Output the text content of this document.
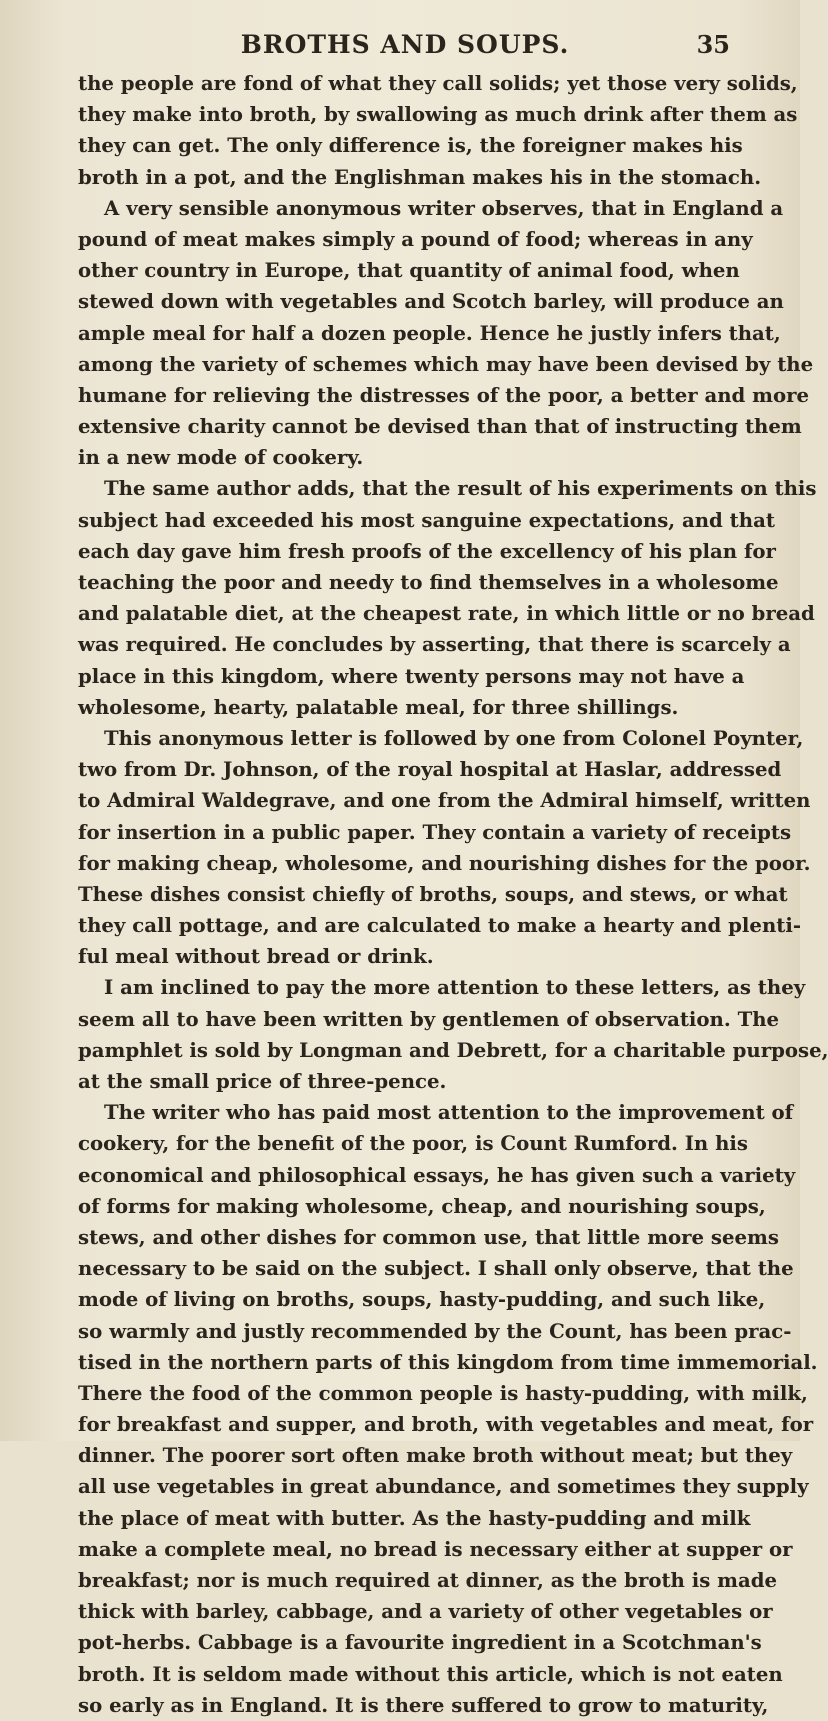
BROTHS AND SOUPS.	35
the people are fond of what they call solids; yet those very solids,
they make into broth, by swallowing as much drink after them as
they can get. The only difference is, the foreigner makes his
broth in a pot, and the Englishman makes his in the stomach.
A very sensible anonymous writer observes, that in England a
pound of meat makes simply a pound of food; whereas in any
other country in Europe, that quantity of animal food, when
stewed down with vegetables and Scotch barley, will produce an
ample meal for half a dozen people. Hence he justly infers that,
among the variety of schemes which may have been devised by the
humane for relieving the distresses of the poor, a better and more
extensive charity cannot be devised than that of instructing them
in a new mode of cookery.
The same author adds, that the result of his experiments on this
subject had exceeded his most sanguine expectations, and that
each day gave him fresh proofs of the excellency of his plan for
teaching the poor and needy to find themselves in a wholesome
and palatable diet, at the cheapest rate, in which little or no bread
was required. He concludes by asserting, that there is scarcely a
place in this kingdom, where twenty persons may not have a
wholesome, hearty, palatable meal, for three shillings.
This anonymous letter is followed by one from Colonel Poynter,
two from Dr. Johnson, of the royal hospital at Haslar, addressed
to Admiral Waldegrave, and one from the Admiral himself, written
for insertion in a public paper. They contain a variety of receipts
for making cheap, wholesome, and nourishing dishes for the poor.
These dishes consist chiefly of broths, soups, and stews, or what
they call pottage, and are calculated to make a hearty and plenti-
ful meal without bread or drink.
I am inclined to pay the more attention to these letters, as they
seem all to have been written by gentlemen of observation. The
pamphlet is sold by Longman and Debrett, for a charitable purpose,
at the small price of three-pence.
The writer who has paid most attention to the improvement of
cookery, for the benefit of the poor, is Count Rumford. In his
economical and philosophical essays, he has given such a variety
of forms for making wholesome, cheap, and nourishing soups,
stews, and other dishes for common use, that little more seems
necessary to be said on the subject. I shall only observe, that the
mode of living on broths, soups, hasty-pudding, and such like,
so warmly and justly recommended by the Count, has been prac-
tised in the northern parts of this kingdom from time immemorial.
There the food of the common people is hasty-pudding, with milk,
for breakfast and supper, and broth, with vegetables and meat, for
dinner. The poorer sort often make broth without meat; but they
all use vegetables in great abundance, and sometimes they supply
the place of meat with butter. As the hasty-pudding and milk
make a complete meal, no bread is necessary either at supper or
breakfast; nor is much required at dinner, as the broth is made
thick with barley, cabbage, and a variety of other vegetables or
pot-herbs. Cabbage is a favourite ingredient in a Scotchman's
broth. It is seldom made without this article, which is not eaten
so early as in England. It is there suffered to grow to maturity,
